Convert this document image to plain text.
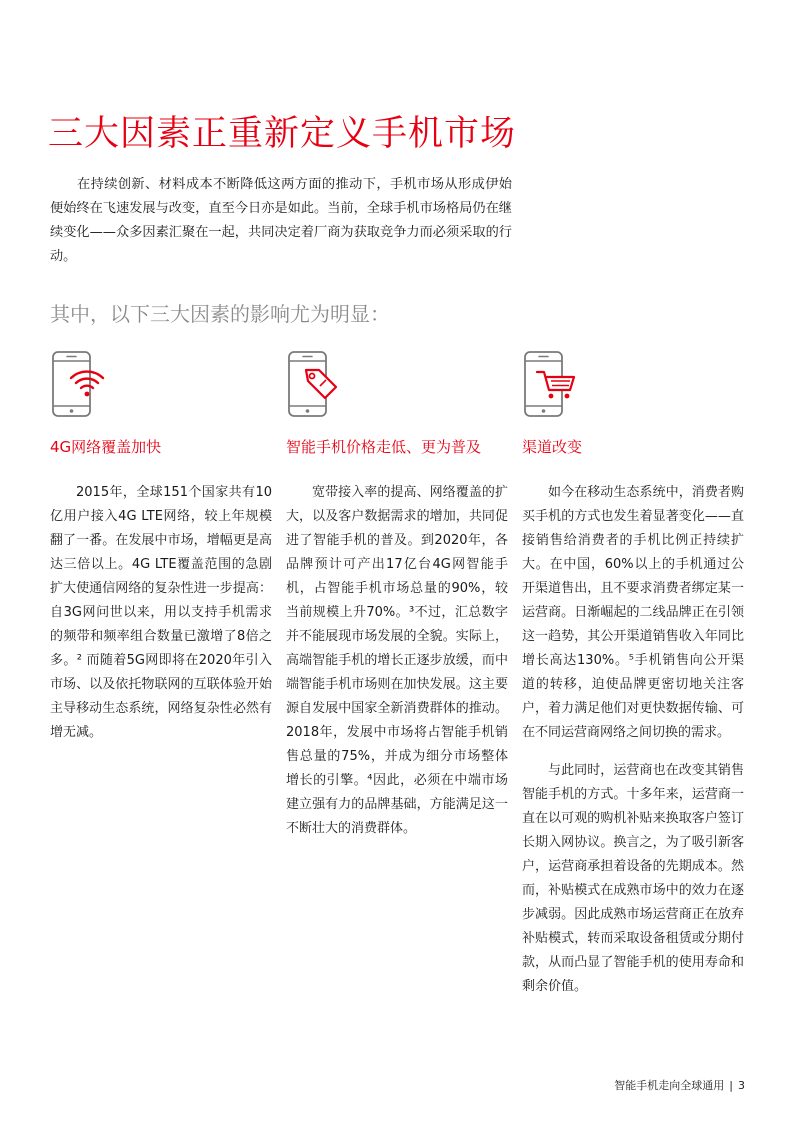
三大因素正重新定义手机市场

在持续创新、材料成本不断降低这两方面的推动下，手机市场从形成伊始便始终在飞速发展与改变，直至今日亦是如此。当前，全球手机市场格局仍在继续变化——众多因素汇聚在一起，共同决定着厂商为获取竞争力而必须采取的行动。

其中，以下三大因素的影响尤为明显：
4G网络覆盖加快

2015年，全球151个国家共有10亿用户接入4G LTE网络，较上年规模翻了一番。在发展中市场，增幅更是高达三倍以上。4G LTE覆盖范围的急剧扩大使通信网络的复杂性进一步提高：自3G网问世以来，用以支持手机需求的频带和频率组合数量已激增了8倍之多。² 而随着5G网即将在2020年引入市场、以及依托物联网的互联体验开始主导移动生态系统，网络复杂性必然有增无减。

智能手机价格走低、更为普及

宽带接入率的提高、网络覆盖的扩大，以及客户数据需求的增加，共同促进了智能手机的普及。到2020年，各品牌预计可产出17亿台4G网智能手机，占智能手机市场总量的90%，较当前规模上升70%。³不过，汇总数字并不能展现市场发展的全貌。实际上，高端智能手机的增长正逐步放缓，而中端智能手机市场则在加快发展。这主要源自发展中国家全新消费群体的推动。2018年，发展中市场将占智能手机销售总量的75%，并成为细分市场整体增长的引擎。⁴因此，必须在中端市场建立强有力的品牌基础，方能满足这一不断壮大的消费群体。

渠道改变

如今在移动生态系统中，消费者购买手机的方式也发生着显著变化——直接销售给消费者的手机比例正持续扩大。在中国，60%以上的手机通过公开渠道售出，且不要求消费者绑定某一运营商。日渐崛起的二线品牌正在引领这一趋势，其公开渠道销售收入年同比增长高达130%。⁵手机销售向公开渠道的转移，迫使品牌更密切地关注客户，着力满足他们对更快数据传输、可在不同运营商网络之间切换的需求。

与此同时，运营商也在改变其销售智能手机的方式。十多年来，运营商一直在以可观的购机补贴来换取客户签订长期入网协议。换言之，为了吸引新客户，运营商承担着设备的先期成本。然而，补贴模式在成熟市场中的效力在逐步减弱。因此成熟市场运营商正在放弃补贴模式，转而采取设备租赁或分期付款，从而凸显了智能手机的使用寿命和剩余价值。

智能手机走向全球通用 | 3
